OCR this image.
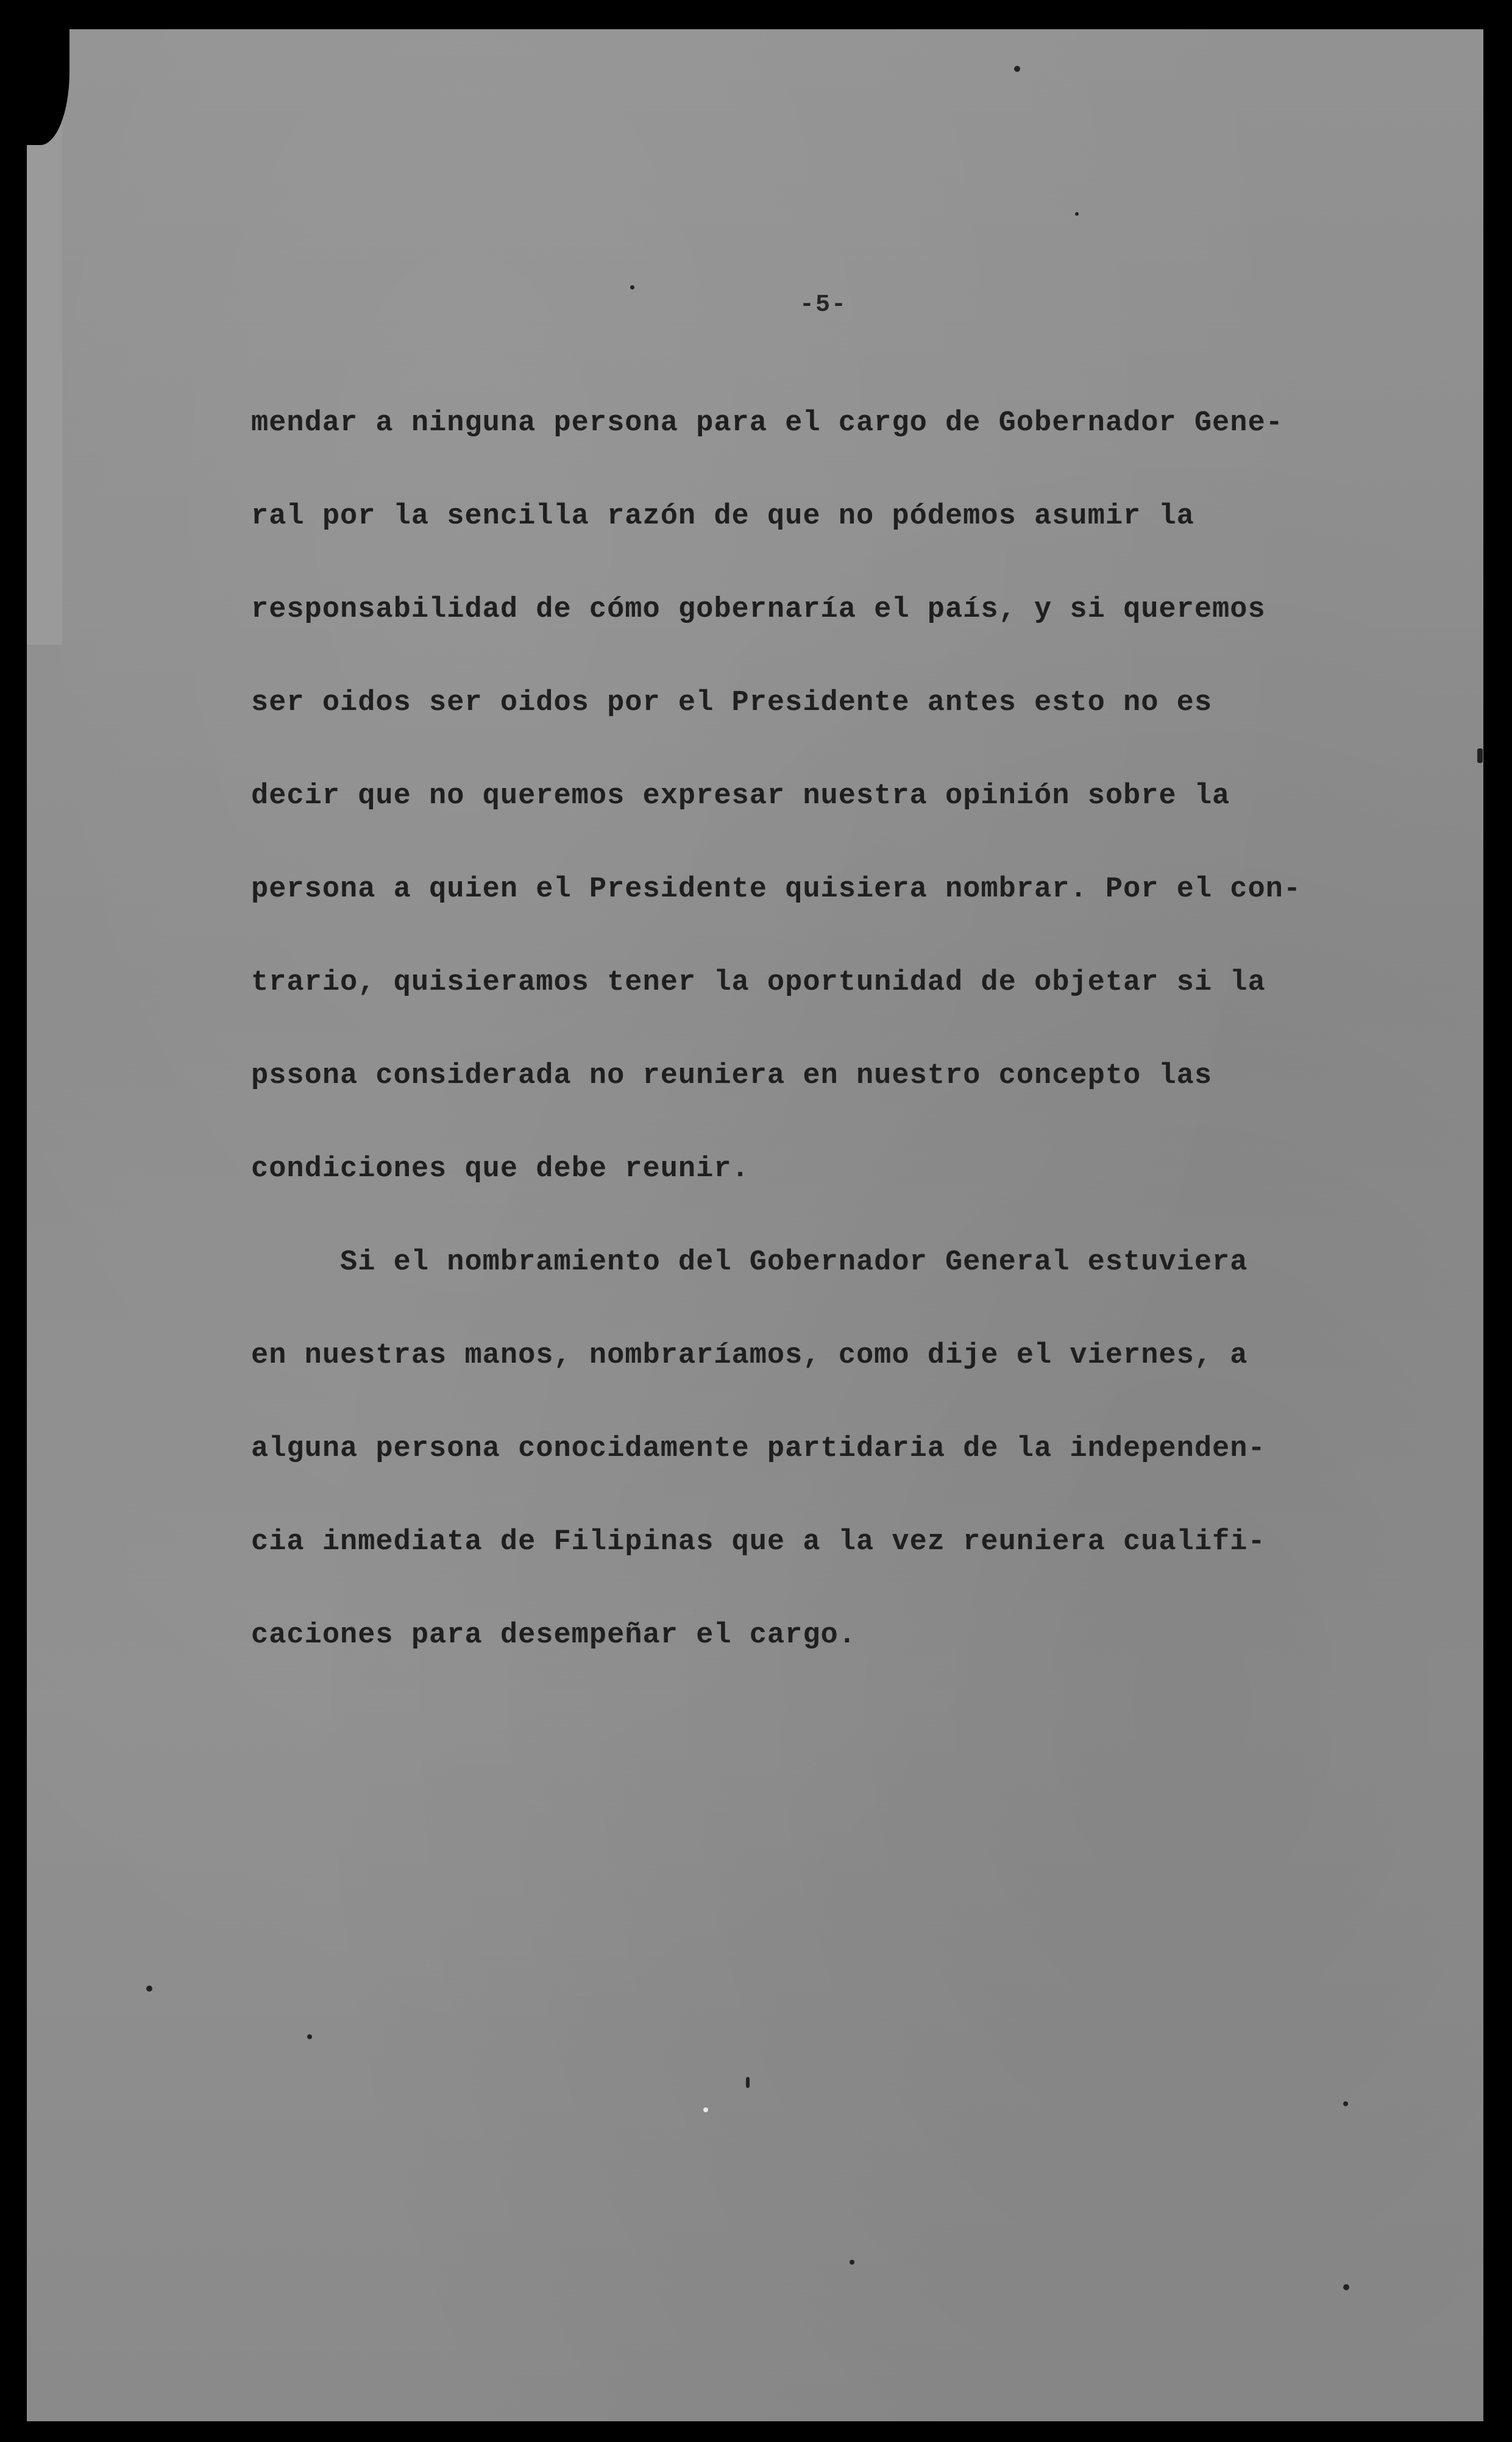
-5-

mendar a ninguna persona para el cargo de Gobernador Gene-
ral por la sencilla razón de que no pódemos asumir la
responsabilidad de cómo gobernaría el país, y si queremos
ser oidos ser oidos por el Presidente antes esto no es
decir que no queremos expresar nuestra opinión sobre la
persona a quien el Presidente quisiera nombrar. Por el con-
trario, quisieramos tener la oportunidad de objetar si la
pssona considerada no reuniera en nuestro concepto las
condiciones que debe reunir.
Si el nombramiento del Gobernador General estuviera
en nuestras manos, nombraríamos, como dije el viernes, a
alguna persona conocidamente partidaria de la independen-
cia inmediata de Filipinas que a la vez reuniera cualifi-
caciones para desempeñar el cargo.
